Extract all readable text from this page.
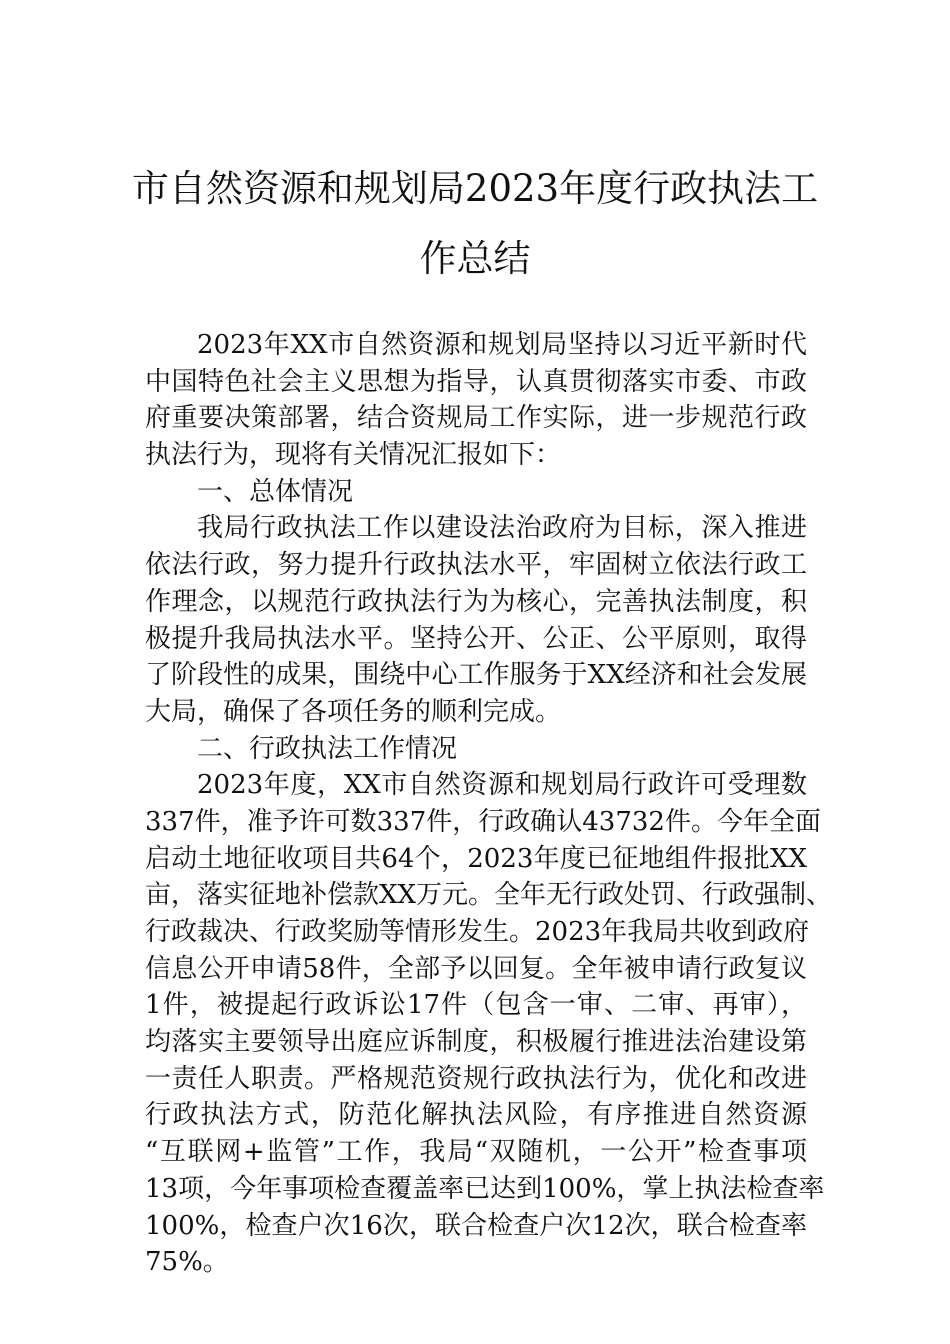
市自然资源和规划局2023年度行政执法工
作总结
2023年XX市自然资源和规划局坚持以习近平新时代
中国特色社会主义思想为指导，认真贯彻落实市委、市政
府重要决策部署，结合资规局工作实际，进一步规范行政
执法行为，现将有关情况汇报如下：
一、总体情况
我局行政执法工作以建设法治政府为目标，深入推进
依法行政，努力提升行政执法水平，牢固树立依法行政工
作理念，以规范行政执法行为为核心，完善执法制度，积
极提升我局执法水平。坚持公开、公正、公平原则，取得
了阶段性的成果，围绕中心工作服务于XX经济和社会发展
大局，确保了各项任务的顺利完成。
二、行政执法工作情况
2023年度，XX市自然资源和规划局行政许可受理数
337件，准予许可数337件，行政确认43732件。今年全面
启动土地征收项目共64个，2023年度已征地组件报批XX
亩，落实征地补偿款XX万元。全年无行政处罚、行政强制、
行政裁决、行政奖励等情形发生。2023年我局共收到政府
信息公开申请58件，全部予以回复。全年被申请行政复议
1件，被提起行政诉讼17件（包含一审、二审、再审），
均落实主要领导出庭应诉制度，积极履行推进法治建设第
一责任人职责。严格规范资规行政执法行为，优化和改进
行政执法方式，防范化解执法风险，有序推进自然资源
“互联网+监管”工作，我局“双随机，一公开”检查事项
13项，今年事项检查覆盖率已达到100%，掌上执法检查率
100%，检查户次16次，联合检查户次12次，联合检查率
75%。
